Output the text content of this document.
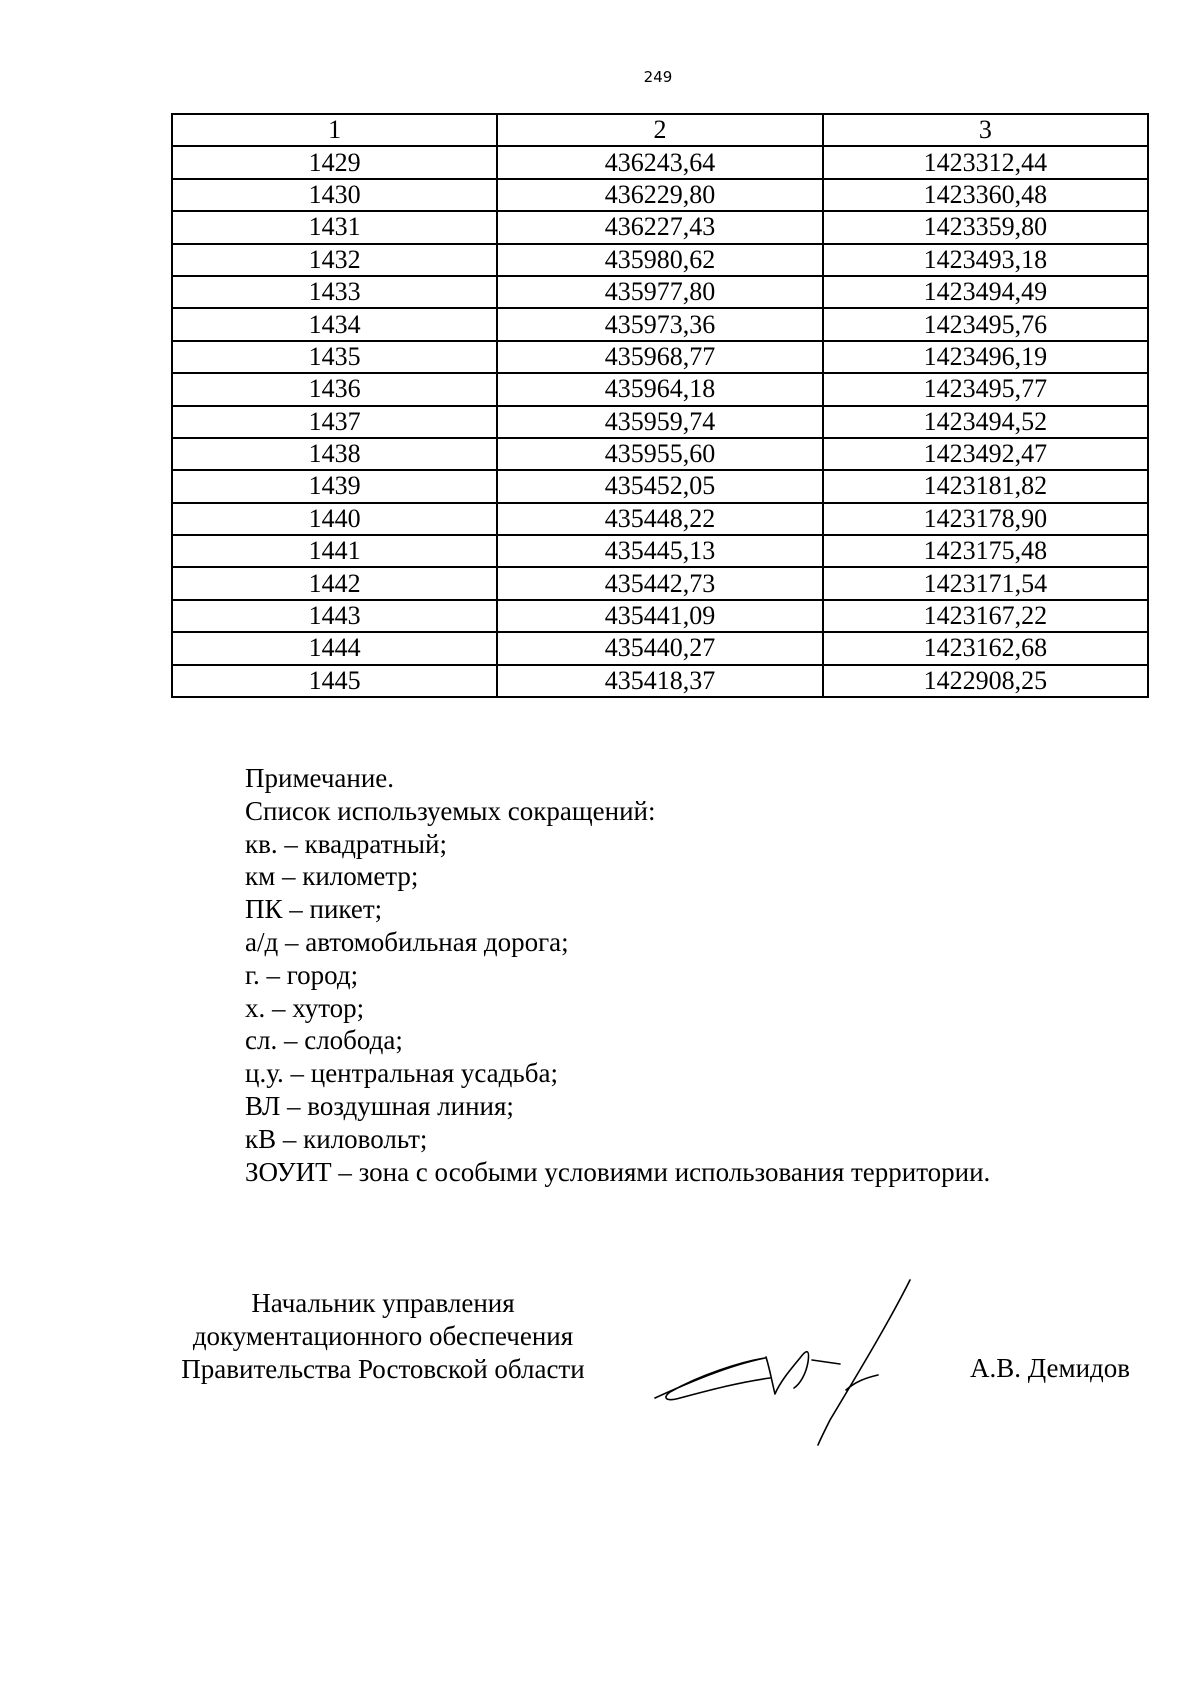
249
1	2	3
1429	436243,64	1423312,44
1430	436229,80	1423360,48
1431	436227,43	1423359,80
1432	435980,62	1423493,18
1433	435977,80	1423494,49
1434	435973,36	1423495,76
1435	435968,77	1423496,19
1436	435964,18	1423495,77
1437	435959,74	1423494,52
1438	435955,60	1423492,47
1439	435452,05	1423181,82
1440	435448,22	1423178,90
1441	435445,13	1423175,48
1442	435442,73	1423171,54
1443	435441,09	1423167,22
1444	435440,27	1423162,68
1445	435418,37	1422908,25
Примечание.
Список используемых сокращений:
кв. – квадратный;
км – километр;
ПК – пикет;
а/д – автомобильная дорога;
г. – город;
х. – хутор;
сл. – слобода;
ц.у. – центральная усадьба;
ВЛ – воздушная линия;
кВ – киловольт;
ЗОУИТ – зона с особыми условиями использования территории.
Начальник управления
документационного обеспечения
Правительства Ростовской области	А.В. Демидов
